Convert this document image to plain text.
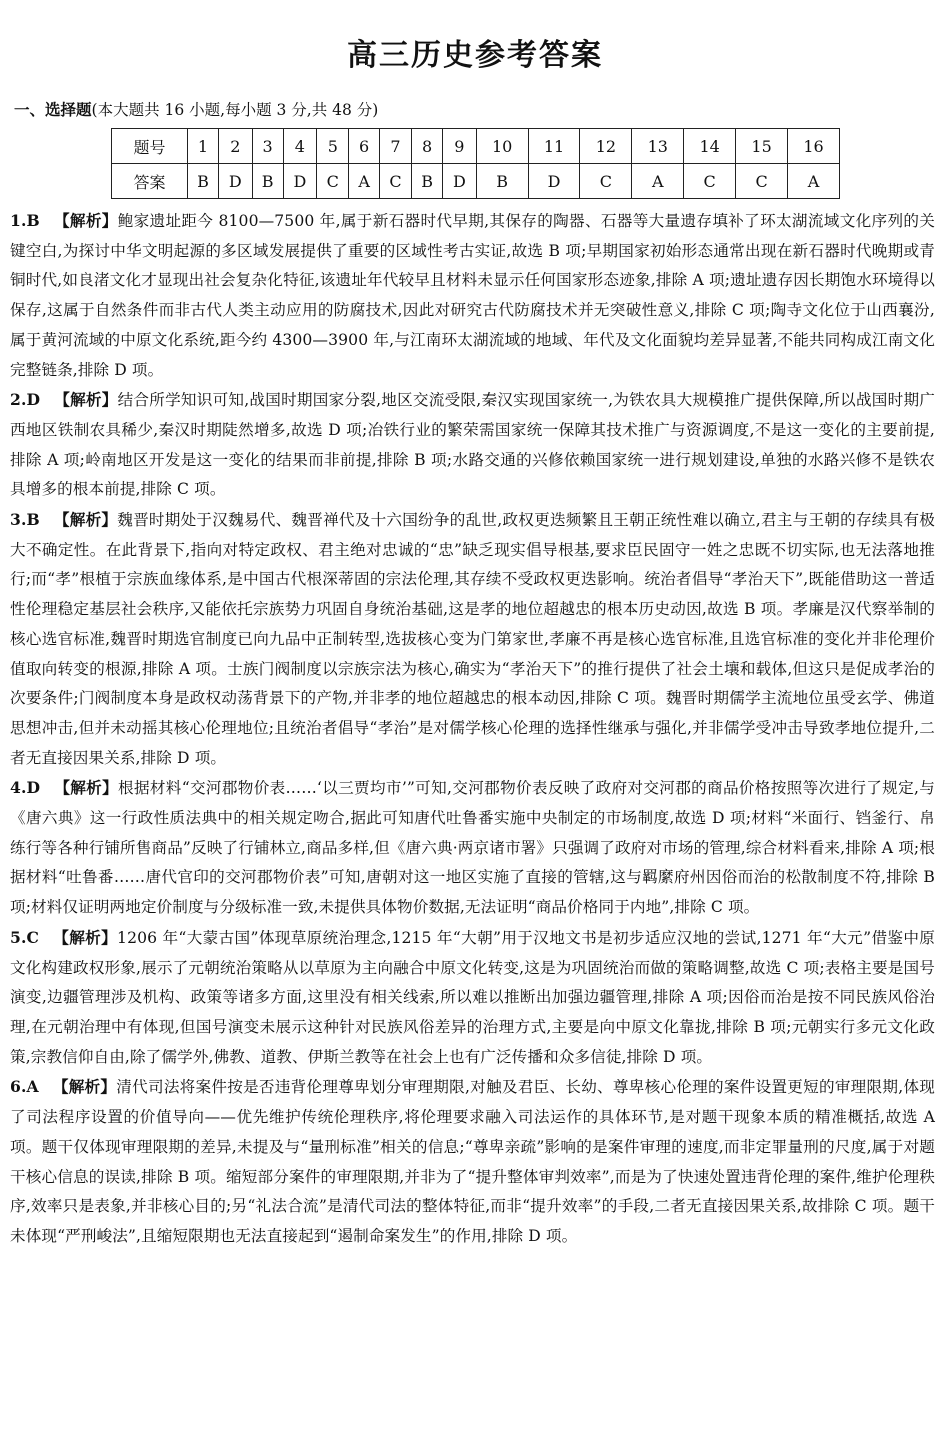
高三历史参考答案
一、选择题(本大题共 16 小题,每小题 3 分,共 48 分)
题号	1	2	3	4	5	6	7	8	9	10	11	12	13	14	15	16
答案	B	D	B	D	C	A	C	B	D	B	D	C	A	C	C	A

1.B 【解析】鲍家遗址距今 8100—7500 年,属于新石器时代早期,其保存的陶器、石器等大量遗存填补了环太湖流域文化序列的关键空白,为探讨中华文明起源的多区域发展提供了重要的区域性考古实证,故选 B 项;早期国家初始形态通常出现在新石器时代晚期或青铜时代,如良渚文化才显现出社会复杂化特征,该遗址年代较早且材料未显示任何国家形态迹象,排除 A 项;遗址遗存因长期饱水环境得以保存,这属于自然条件而非古代人类主动应用的防腐技术,因此对研究古代防腐技术并无突破性意义,排除 C 项;陶寺文化位于山西襄汾,属于黄河流域的中原文化系统,距今约 4300—3900 年,与江南环太湖流域的地域、年代及文化面貌均差异显著,不能共同构成江南文化完整链条,排除 D 项。

2.D 【解析】结合所学知识可知,战国时期国家分裂,地区交流受限,秦汉实现国家统一,为铁农具大规模推广提供保障,所以战国时期广西地区铁制农具稀少,秦汉时期陡然增多,故选 D 项;冶铁行业的繁荣需国家统一保障其技术推广与资源调度,不是这一变化的主要前提,排除 A 项;岭南地区开发是这一变化的结果而非前提,排除 B 项;水路交通的兴修依赖国家统一进行规划建设,单独的水路兴修不是铁农具增多的根本前提,排除 C 项。

3.B 【解析】魏晋时期处于汉魏易代、魏晋禅代及十六国纷争的乱世,政权更迭频繁且王朝正统性难以确立,君主与王朝的存续具有极大不确定性。在此背景下,指向对特定政权、君主绝对忠诚的“忠”缺乏现实倡导根基,要求臣民固守一姓之忠既不切实际,也无法落地推行;而“孝”根植于宗族血缘体系,是中国古代根深蒂固的宗法伦理,其存续不受政权更迭影响。统治者倡导“孝治天下”,既能借助这一普适性伦理稳定基层社会秩序,又能依托宗族势力巩固自身统治基础,这是孝的地位超越忠的根本历史动因,故选 B 项。孝廉是汉代察举制的核心选官标准,魏晋时期选官制度已向九品中正制转型,选拔核心变为门第家世,孝廉不再是核心选官标准,且选官标准的变化并非伦理价值取向转变的根源,排除 A 项。士族门阀制度以宗族宗法为核心,确实为“孝治天下”的推行提供了社会土壤和载体,但这只是促成孝治的次要条件;门阀制度本身是政权动荡背景下的产物,并非孝的地位超越忠的根本动因,排除 C 项。魏晋时期儒学主流地位虽受玄学、佛道思想冲击,但并未动摇其核心伦理地位;且统治者倡导“孝治”是对儒学核心伦理的选择性继承与强化,并非儒学受冲击导致孝地位提升,二者无直接因果关系,排除 D 项。

4.D 【解析】根据材料“交河郡物价表……‘以三贾均市’”可知,交河郡物价表反映了政府对交河郡的商品价格按照等次进行了规定,与《唐六典》这一行政性质法典中的相关规定吻合,据此可知唐代吐鲁番实施中央制定的市场制度,故选 D 项;材料“米面行、铛釜行、帛练行等各种行铺所售商品”反映了行铺林立,商品多样,但《唐六典·两京诸市署》只强调了政府对市场的管理,综合材料看来,排除 A 项;根据材料“吐鲁番……唐代官印的交河郡物价表”可知,唐朝对这一地区实施了直接的管辖,这与羁縻府州因俗而治的松散制度不符,排除 B 项;材料仅证明两地定价制度与分级标准一致,未提供具体物价数据,无法证明“商品价格同于内地”,排除 C 项。

5.C 【解析】1206 年“大蒙古国”体现草原统治理念,1215 年“大朝”用于汉地文书是初步适应汉地的尝试,1271 年“大元”借鉴中原文化构建政权形象,展示了元朝统治策略从以草原为主向融合中原文化转变,这是为巩固统治而做的策略调整,故选 C 项;表格主要是国号演变,边疆管理涉及机构、政策等诸多方面,这里没有相关线索,所以难以推断出加强边疆管理,排除 A 项;因俗而治是按不同民族风俗治理,在元朝治理中有体现,但国号演变未展示这种针对民族风俗差异的治理方式,主要是向中原文化靠拢,排除 B 项;元朝实行多元文化政策,宗教信仰自由,除了儒学外,佛教、道教、伊斯兰教等在社会上也有广泛传播和众多信徒,排除 D 项。

6.A 【解析】清代司法将案件按是否违背伦理尊卑划分审理期限,对触及君臣、长幼、尊卑核心伦理的案件设置更短的审理限期,体现了司法程序设置的价值导向——优先维护传统伦理秩序,将伦理要求融入司法运作的具体环节,是对题干现象本质的精准概括,故选 A 项。题干仅体现审理限期的差异,未提及与“量刑标准”相关的信息;“尊卑亲疏”影响的是案件审理的速度,而非定罪量刑的尺度,属于对题干核心信息的误读,排除 B 项。缩短部分案件的审理限期,并非为了“提升整体审判效率”,而是为了快速处置违背伦理的案件,维护伦理秩序,效率只是表象,并非核心目的;另“礼法合流”是清代司法的整体特征,而非“提升效率”的手段,二者无直接因果关系,故排除 C 项。题干未体现“严刑峻法”,且缩短限期也无法直接起到“遏制命案发生”的作用,排除 D 项。
